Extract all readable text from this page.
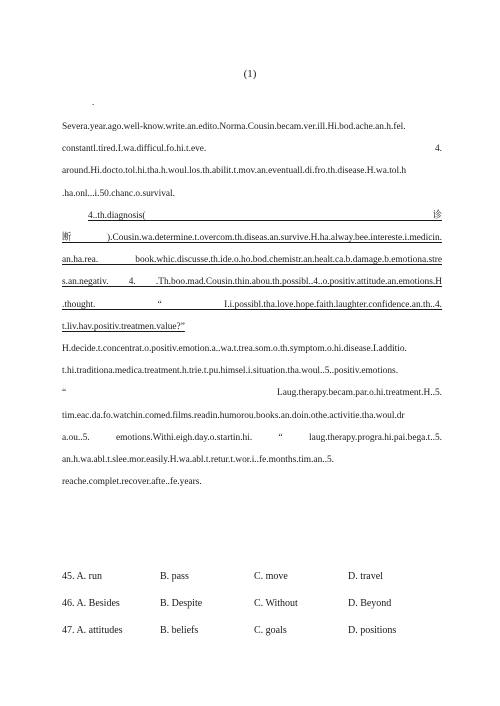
(1)
.
Severa.year.ago.well-know.write.an.edito.Norma.Cousin.becam.ver.ill.Hi.bod.ache.an.h.fel.
constantl.tired.I.wa.difficul.fo.hi.t.eve. 4.
around.Hi.docto.tol.hi.tha.h.woul.los.th.abilit.t.mov.an.eventuall.di.fro.th.disease.H.wa.tol.h
.ha.onl...i.50.chanc.o.survival.
4..th.diagnosis( 诊
断).Cousin.wa.determine.t.overcom.th.diseas.an.survive.H.ha.alway.bee.intereste.i.medicin.
an.ha.rea. book.whic.discusse.th.ide.o.ho.bod.chemistr.an.healt.ca.b.damage.b.emotiona.stre
s.an.negativ. 4. .Th.boo.mad.Cousin.thin.abou.th.possibl..4..o.positiv.attitude.an.emotions.H
.thought. “ I.i.possibl.tha.love.hope.faith.laughter.confidence.an.th..4.
t.liv.hav.positiv.treatmen.value?”
H.decide.t.concentrat.o.positiv.emotion.a..wa.t.trea.som.o.th.symptom.o.hi.disease.I.additio.
t.hi.traditiona.medica.treatment.h.trie.t.pu.himsel.i.situation.tha.woul..5..positiv.emotions.
“ Laug.therapy.becam.par.o.hi.treatment.H..5.
tim.eac.da.fo.watchin.comed.films.readin.humorou.books.an.doin.othe.activitie.tha.woul.dr
a.ou..5. emotions.Withi.eigh.day.o.startin.hi. “ laug.therapy.progra.hi.pai.bega.t..5.
an.h.wa.abl.t.slee.mor.easily.H.wa.abl.t.retur.t.wor.i..fe.months.tim.an..5.
reache.complet.recover.afte..fe.years.
45. A. run	B. pass	C. move	D. travel
46. A. Besides	B. Despite	C. Without	D. Beyond
47. A. attitudes	B. beliefs	C. goals	D. positions
